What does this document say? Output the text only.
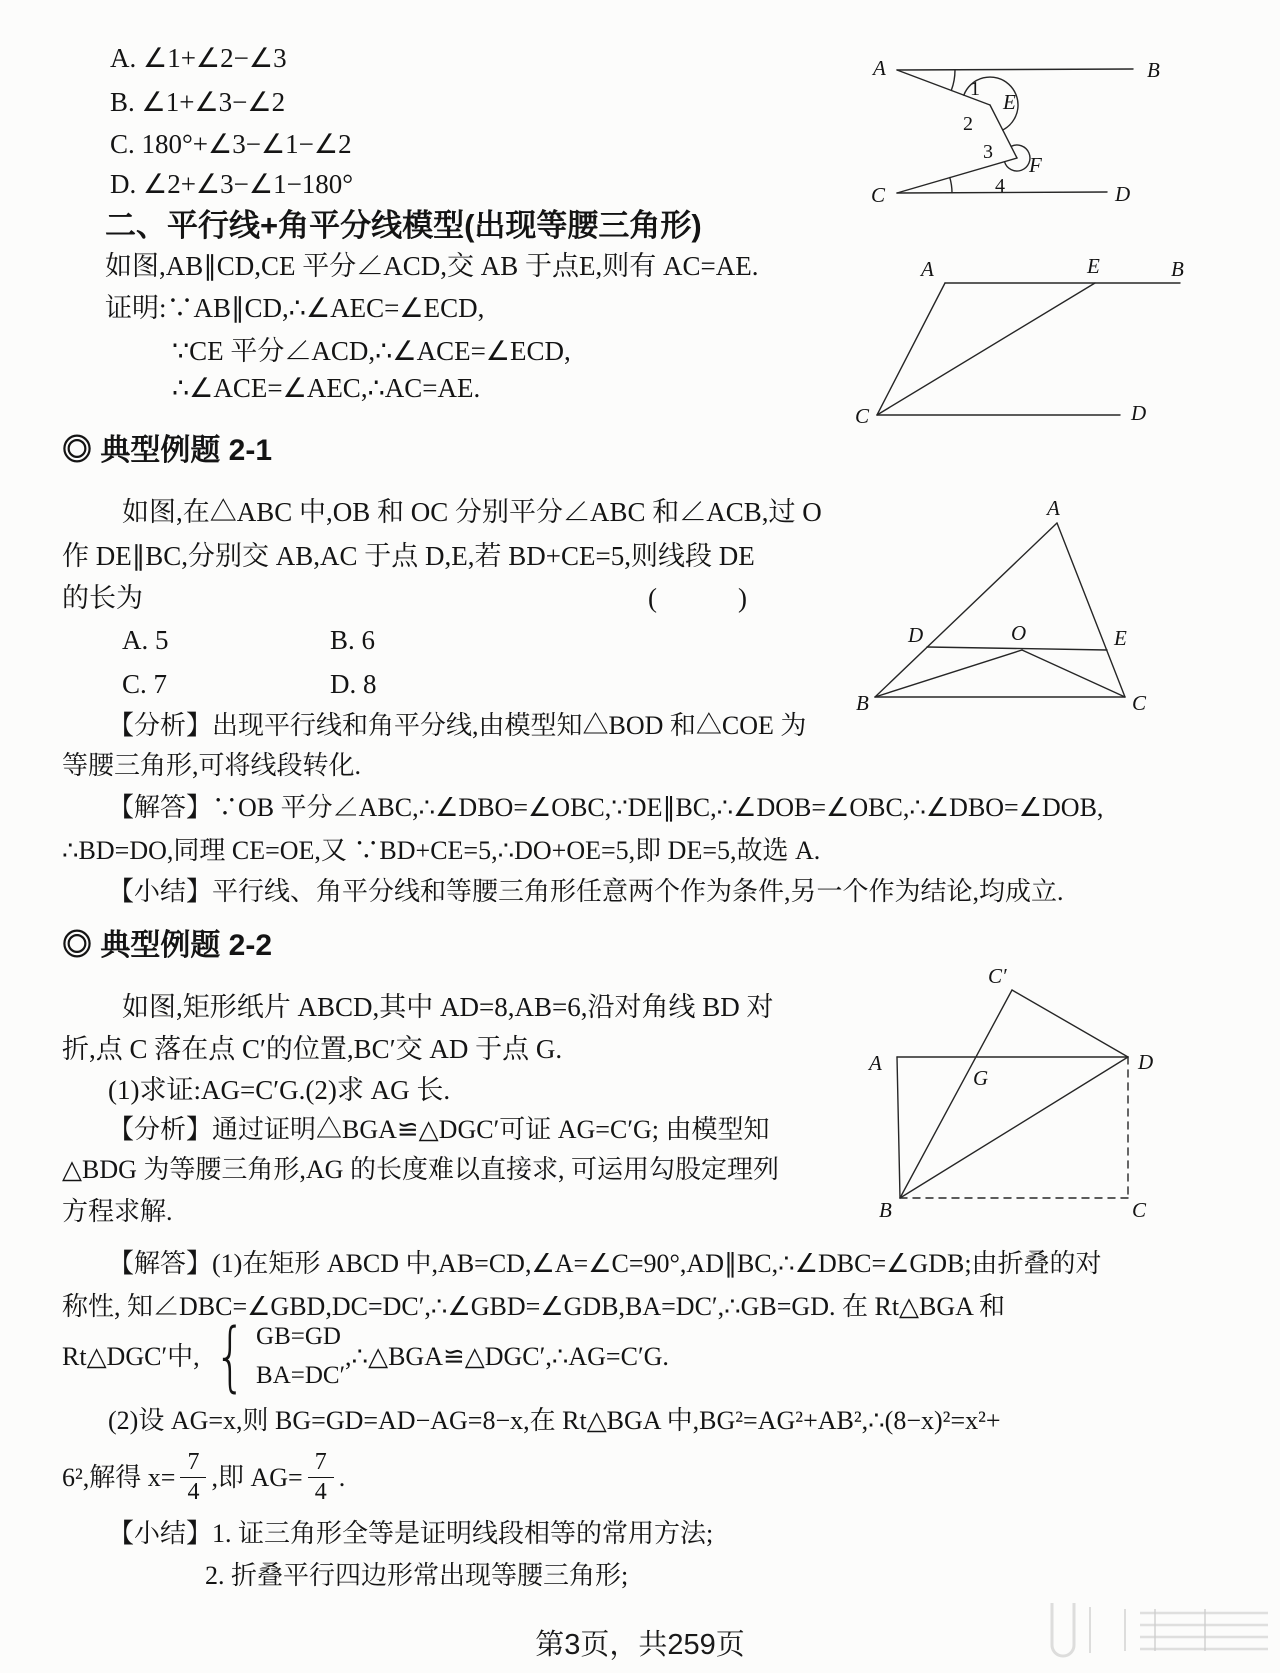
A. ∠1+∠2−∠3
B. ∠1+∠3−∠2
C. 180°+∠3−∠1−∠2
D. ∠2+∠3−∠1−180°
A	B
E
F
C	D
1
2
3
4
二、平行线+角平分线模型(出现等腰三角形)
如图,AB∥CD,CE 平分∠ACD,交 AB 于点E,则有 AC=AE.
证明:∵AB∥CD,∴∠AEC=∠ECD,
∵CE 平分∠ACD,∴∠ACE=∠ECD,
∴∠ACE=∠AEC,∴AC=AE.
A	E	B
C	D
◎ 典型例题 2-1
如图,在△ABC 中,OB 和 OC 分别平分∠ABC 和∠ACB,过 O
作 DE∥BC,分别交 AB,AC 于点 D,E,若 BD+CE=5,则线段 DE
的长为	(　　　)
A. 5	B. 6
C. 7	D. 8
【分析】出现平行线和角平分线,由模型知△BOD 和△COE 为
等腰三角形,可将线段转化.
【解答】∵OB 平分∠ABC,∴∠DBO=∠OBC,∵DE∥BC,∴∠DOB=∠OBC,∴∠DBO=∠DOB,
∴BD=DO,同理 CE=OE,又 ∵BD+CE=5,∴DO+OE=5,即 DE=5,故选 A.
【小结】平行线、角平分线和等腰三角形任意两个作为条件,另一个作为结论,均成立.
A
D	O	E
B	C
◎ 典型例题 2-2
如图,矩形纸片 ABCD,其中 AD=8,AB=6,沿对角线 BD 对
折,点 C 落在点 C′的位置,BC′交 AD 于点 G.
(1)求证:AG=C′G.(2)求 AG 长.
【分析】通过证明△BGA≌△DGC′可证 AG=C′G; 由模型知
△BDG 为等腰三角形,AG 的长度难以直接求, 可运用勾股定理列
方程求解.
【解答】(1)在矩形 ABCD 中,AB=CD,∠A=∠C=90°,AD∥BC,∴∠DBC=∠GDB;由折叠的对
称性, 知∠DBC=∠GBD,DC=DC′,∴∠GBD=∠GDB,BA=DC′,∴GB=GD. 在 Rt△BGA 和
Rt△DGC′中, { GB=GD
BA=DC′
,∴△BGA≌△DGC′,∴AG=C′G.
(2)设 AG=x,则 BG=GD=AD−AG=8−x,在 Rt△BGA 中,BG²=AG²+AB²,∴(8−x)²=x²+
6²,解得 $x= \frac{7}{4}$ ,即 $AG= \frac{7}{4}$ .
【小结】1. 证三角形全等是证明线段相等的常用方法;
2. 折叠平行四边形常出现等腰三角形;
C′
A
G
D
B	C
第3页，共259页
